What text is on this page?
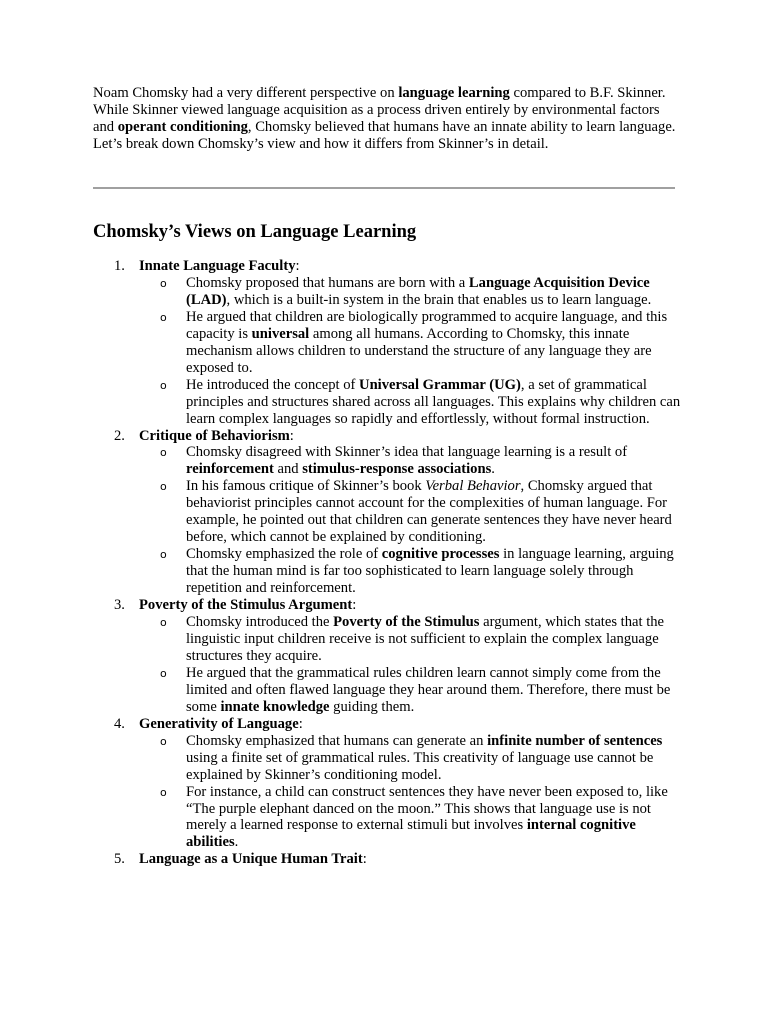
Noam Chomsky had a very different perspective on language learning compared to B.F. Skinner. While Skinner viewed language acquisition as a process driven entirely by environmental factors and operant conditioning, Chomsky believed that humans have an innate ability to learn language. Let’s break down Chomsky’s view and how it differs from Skinner’s in detail.

Chomsky’s Views on Language Learning
1. Innate Language Faculty:
o Chomsky proposed that humans are born with a Language Acquisition Device (LAD), which is a built-in system in the brain that enables us to learn language.
o He argued that children are biologically programmed to acquire language, and this capacity is universal among all humans. According to Chomsky, this innate mechanism allows children to understand the structure of any language they are exposed to.
o He introduced the concept of Universal Grammar (UG), a set of grammatical principles and structures shared across all languages. This explains why children can learn complex languages so rapidly and effortlessly, without formal instruction.
2. Critique of Behaviorism:
o Chomsky disagreed with Skinner’s idea that language learning is a result of reinforcement and stimulus-response associations.
o In his famous critique of Skinner’s book Verbal Behavior, Chomsky argued that behaviorist principles cannot account for the complexities of human language. For example, he pointed out that children can generate sentences they have never heard before, which cannot be explained by conditioning.
o Chomsky emphasized the role of cognitive processes in language learning, arguing that the human mind is far too sophisticated to learn language solely through repetition and reinforcement.
3. Poverty of the Stimulus Argument:
o Chomsky introduced the Poverty of the Stimulus argument, which states that the linguistic input children receive is not sufficient to explain the complex language structures they acquire.
o He argued that the grammatical rules children learn cannot simply come from the limited and often flawed language they hear around them. Therefore, there must be some innate knowledge guiding them.
4. Generativity of Language:
o Chomsky emphasized that humans can generate an infinite number of sentences using a finite set of grammatical rules. This creativity of language use cannot be explained by Skinner’s conditioning model.
o For instance, a child can construct sentences they have never been exposed to, like “The purple elephant danced on the moon.” This shows that language use is not merely a learned response to external stimuli but involves internal cognitive abilities.
5. Language as a Unique Human Trait:
